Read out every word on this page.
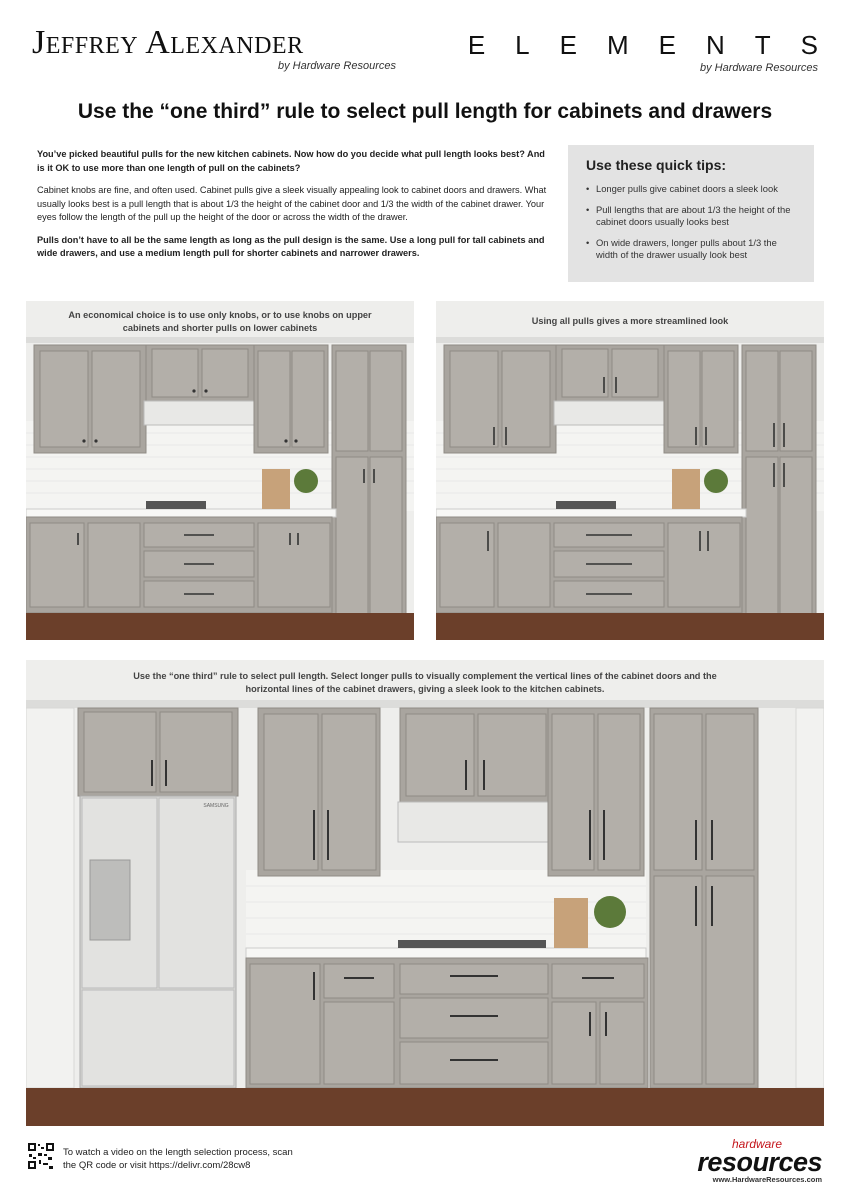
Jeffrey Alexander
by Hardware Resources
ELEMENTS
by Hardware Resources
Use the “one third” rule to select pull length for cabinets and drawers

You’ve picked beautiful pulls for the new kitchen cabinets. Now how do you decide what pull length looks best? And is it OK to use more than one length of pull on the cabinets?

Cabinet knobs are fine, and often used. Cabinet pulls give a sleek visually appealing look to cabinet doors and drawers. What usually looks best is a pull length that is about 1/3 the height of the cabinet door and 1/3 the width of the cabinet drawer. Your eyes follow the length of the pull up the height of the door or across the width of the drawer.

Pulls don’t have to all be the same length as long as the pull design is the same. Use a long pull for tall cabinets and wide drawers, and use a medium length pull for shorter cabinets and narrower drawers.

Use these quick tips:
• Longer pulls give cabinet doors a sleek look
• Pull lengths that are about 1/3 the height of the cabinet doors usually looks best
• On wide drawers, longer pulls about 1/3 the width of the drawer usually look best
An economical choice is to use only knobs, or to use knobs on upper cabinets and shorter pulls on lower cabinets
Using all pulls gives a more streamlined look
SAMSUNG
Use the “one third” rule to select pull length. Select longer pulls to visually complement the vertical lines of the cabinet doors and the horizontal lines of the cabinet drawers, giving a sleek look to the kitchen cabinets.
To watch a video on the length selection process, scan the QR code or visit https://delivr.com/28cw8
hardware
resources
www.HardwareResources.com
